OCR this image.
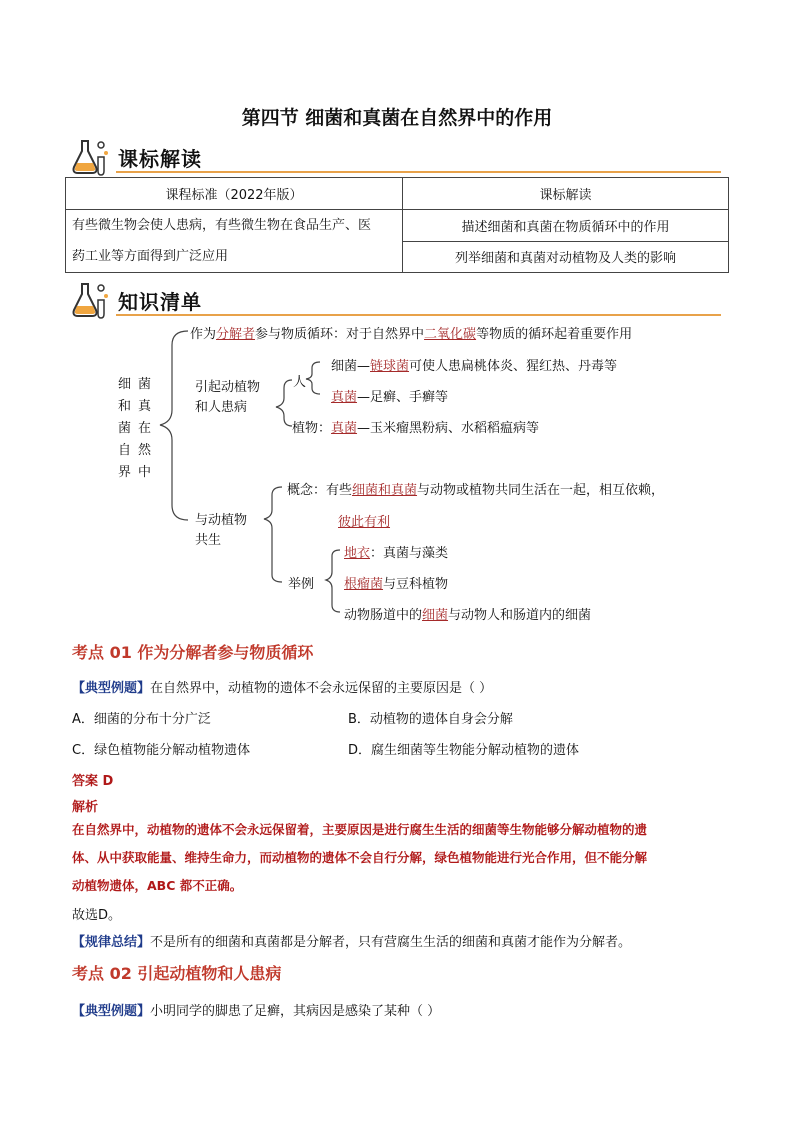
第四节 细菌和真菌在自然界中的作用
课标解读
课程标准（2022年版）	课标解读

有些微生物会使人患病，有些微生物在食品生产、医
药工业等方面得到广泛应用	描述细菌和真菌在物质循环中的作用
	列举细菌和真菌对动植物及人类的影响
知识清单
细
和
菌
自
界
菌
真
在
然
中
作为分解者参与物质循环：对于自然界中二氧化碳等物质的循环起着重要作用
引起动植物
和人患病
人
细菌—链球菌可使人患扁桃体炎、猩红热、丹毒等
真菌—足癣、手癣等
植物：真菌—玉米瘤黑粉病、水稻稻瘟病等
与动植物
共生
概念：有些细菌和真菌与动物或植物共同生活在一起，相互依赖，
彼此有利
举例
地衣：真菌与藻类
根瘤菌与豆科植物
动物肠道中的细菌与动物人和肠道内的细菌
考点 01 作为分解者参与物质循环
【典型例题】在自然界中，动植物的遗体不会永远保留的主要原因是（ ）
A．细菌的分布十分广泛	B．动植物的遗体自身会分解
C．绿色植物能分解动植物遗体	D．腐生细菌等生物能分解动植物的遗体
答案 D
解析
在自然界中，动植物的遗体不会永远保留着，主要原因是进行腐生生活的细菌等生物能够分解动植物的遗
体、从中获取能量、维持生命力，而动植物的遗体不会自行分解，绿色植物能进行光合作用，但不能分解
动植物遗体，ABC 都不正确。
故选D。
【规律总结】不是所有的细菌和真菌都是分解者，只有营腐生生活的细菌和真菌才能作为分解者。
考点 02 引起动植物和人患病
【典型例题】小明同学的脚患了足癣，其病因是感染了某种（ ）
